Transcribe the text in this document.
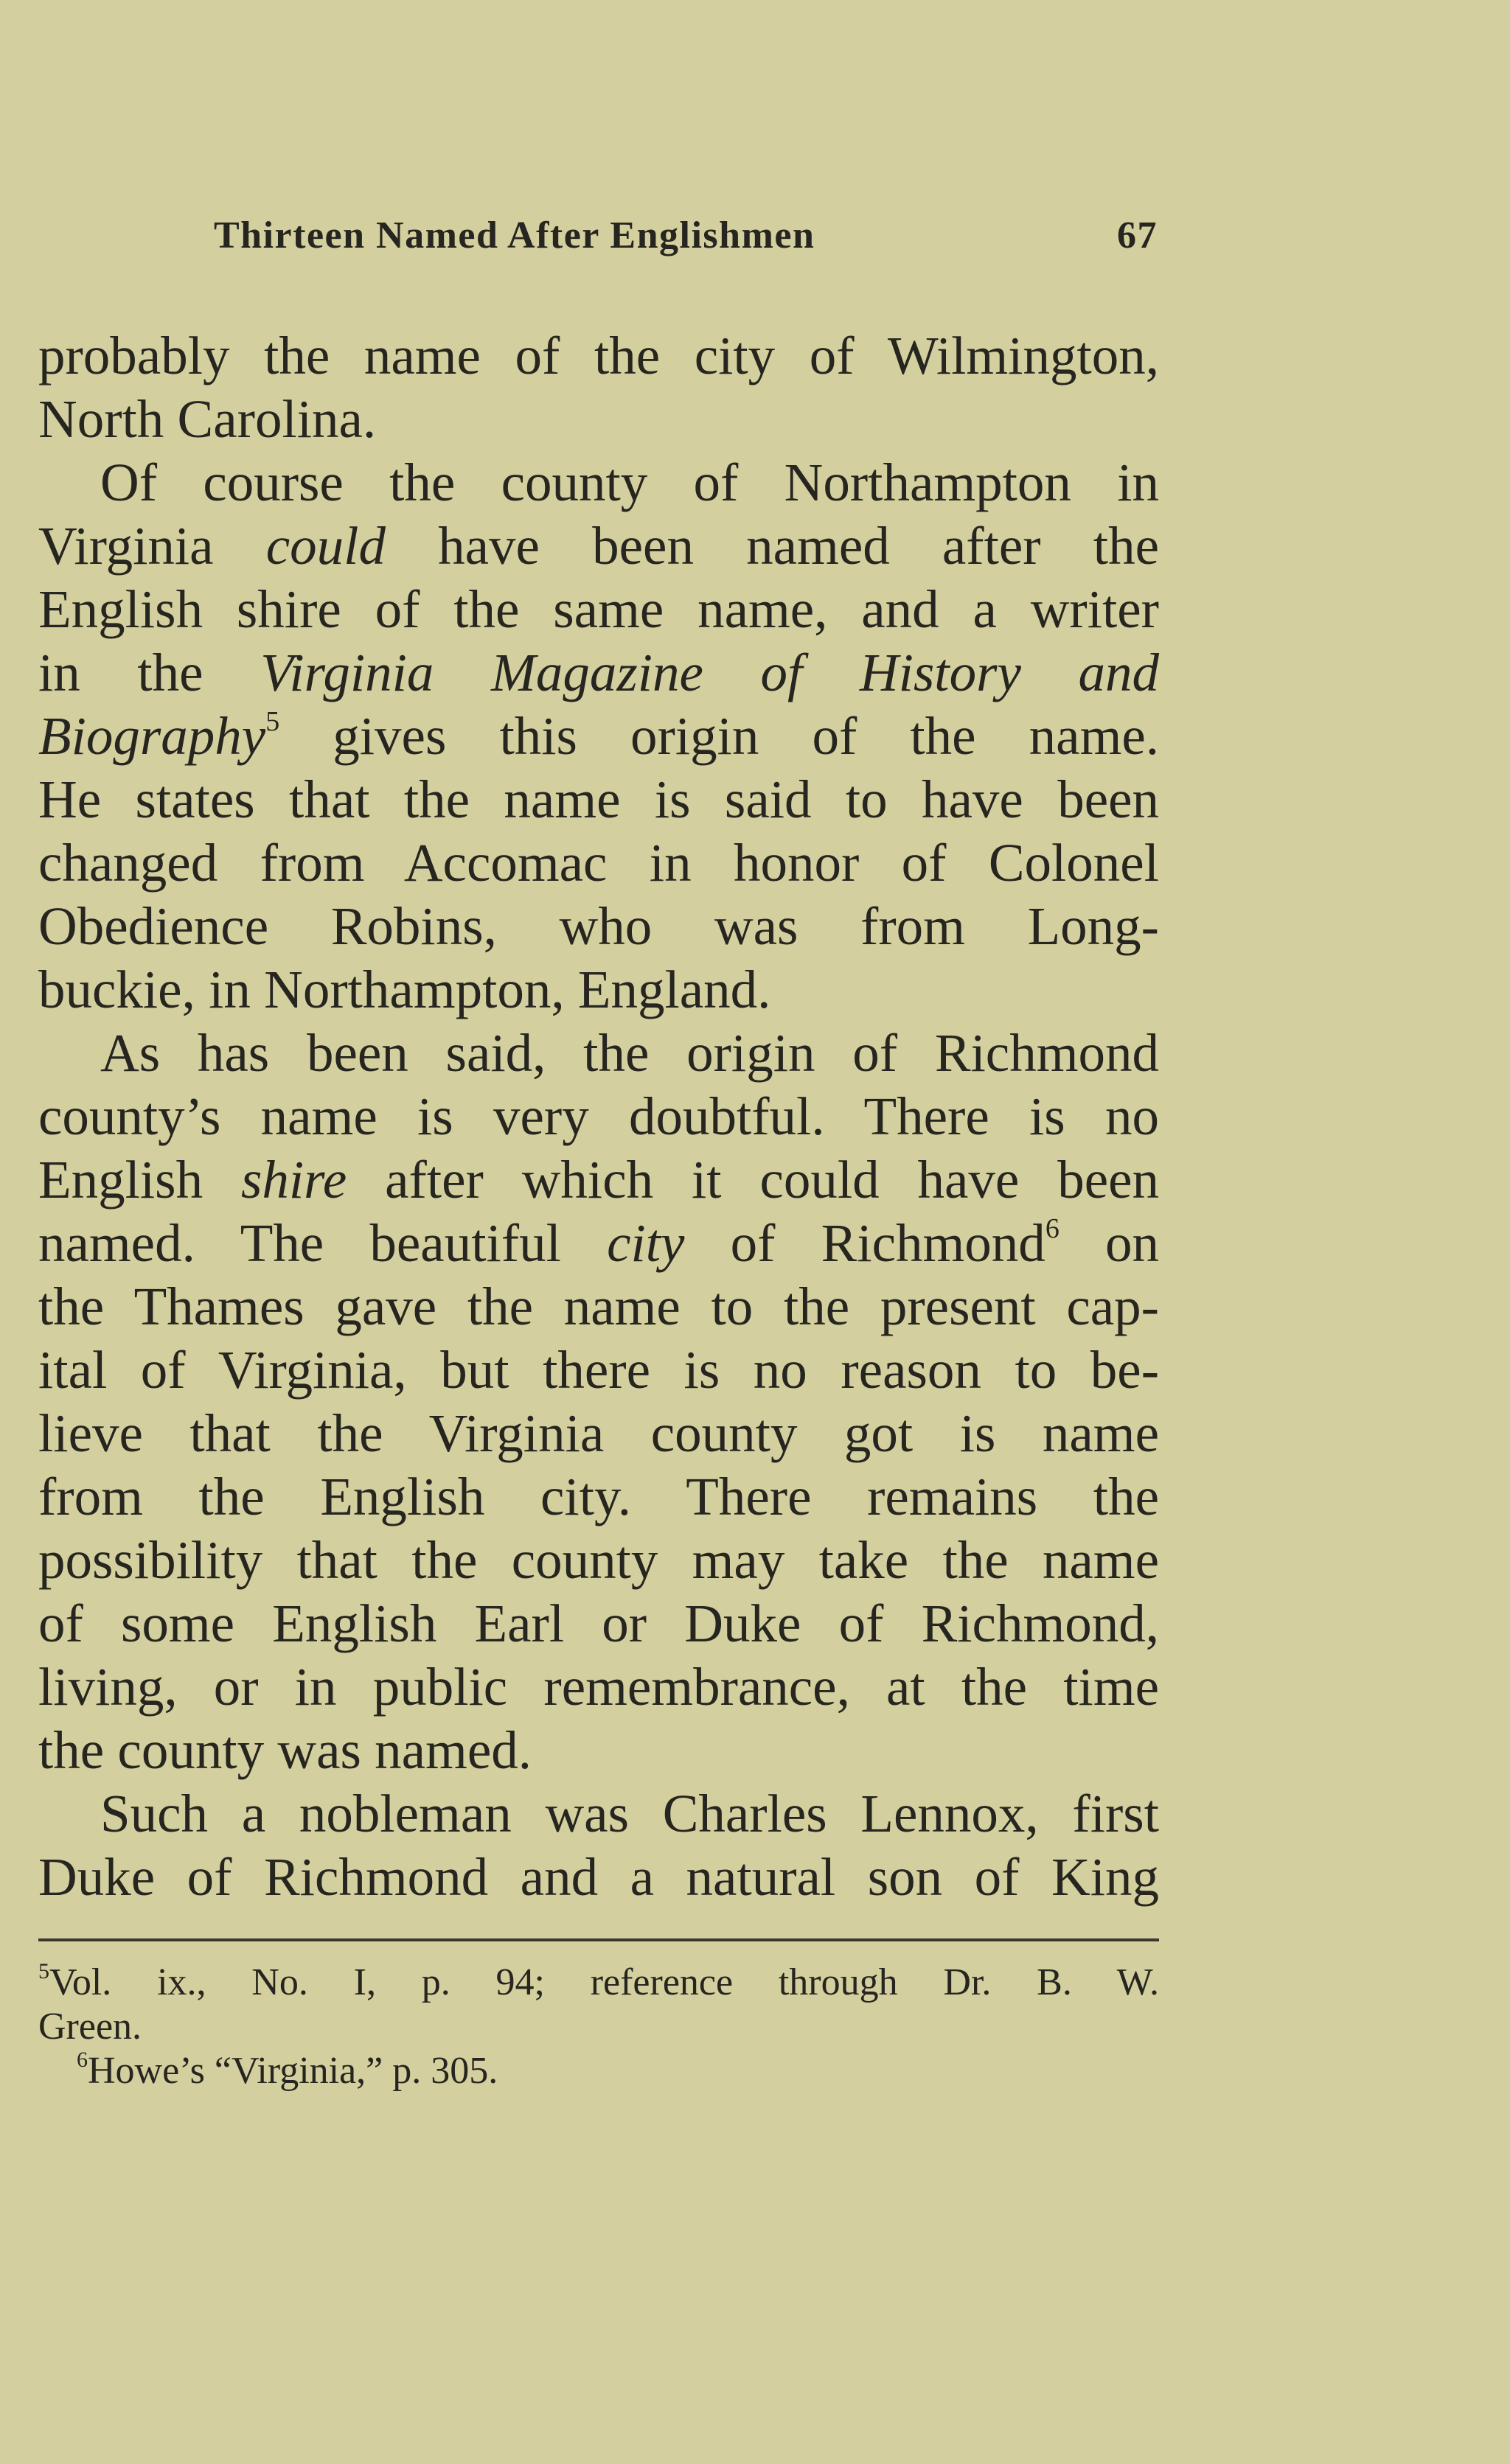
Thirteen Named After Englishmen	67
probably the name of the city of Wilmington,
North Carolina.
Of course the county of Northampton in
Virginia could have been named after the
English shire of the same name, and a writer
in the Virginia Magazine of History and
Biography$^5$ gives this origin of the name.
He states that the name is said to have been
changed from Accomac in honor of Colonel
Obedience Robins, who was from Long-
buckie, in Northampton, England.
As has been said, the origin of Richmond
county’s name is very doubtful. There is no
English shire after which it could have been
named. The beautiful city of Richmond$^6$ on
the Thames gave the name to the present cap-
ital of Virginia, but there is no reason to be-
lieve that the Virginia county got is name
from the English city. There remains the
possibility that the county may take the name
of some English Earl or Duke of Richmond,
living, or in public remembrance, at the time
the county was named.
Such a nobleman was Charles Lennox, first
Duke of Richmond and a natural son of King
$^5$Vol. ix., No. I, p. 94; reference through Dr. B. W.
Green.
$^6$Howe’s “Virginia,” p. 305.
